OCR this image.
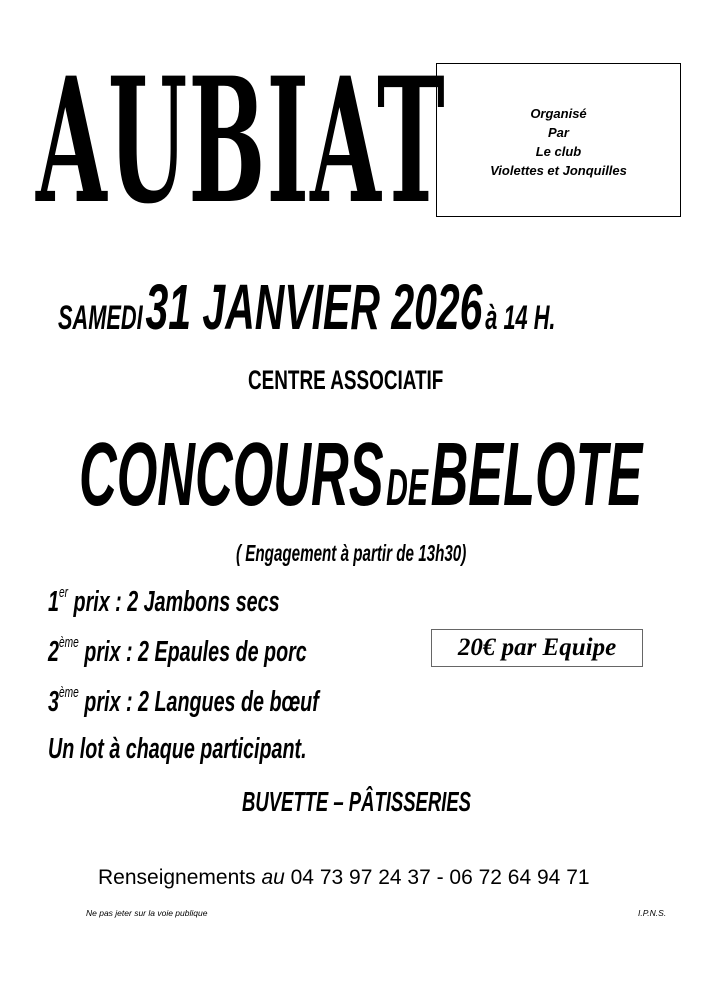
AUBIAT	Organisé
Par
Le club
Violettes et Jonquilles
SAMEDI 31 JANVIER 2026 à 14 H.
CENTRE ASSOCIATIF
CONCOURS DE BELOTE
( Engagement à partir de 13h30)
1er prix : 2 Jambons secs
2ème prix : 2 Epaules de porc
3ème prix : 2 Langues de bœuf
20€ par Equipe
Un lot à chaque participant.
BUVETTE – PÂTISSERIES
Renseignements au 04 73 97 24 37 - 06 72 64 94 71
Ne pas jeter sur la voie publique	I.P.N.S.
